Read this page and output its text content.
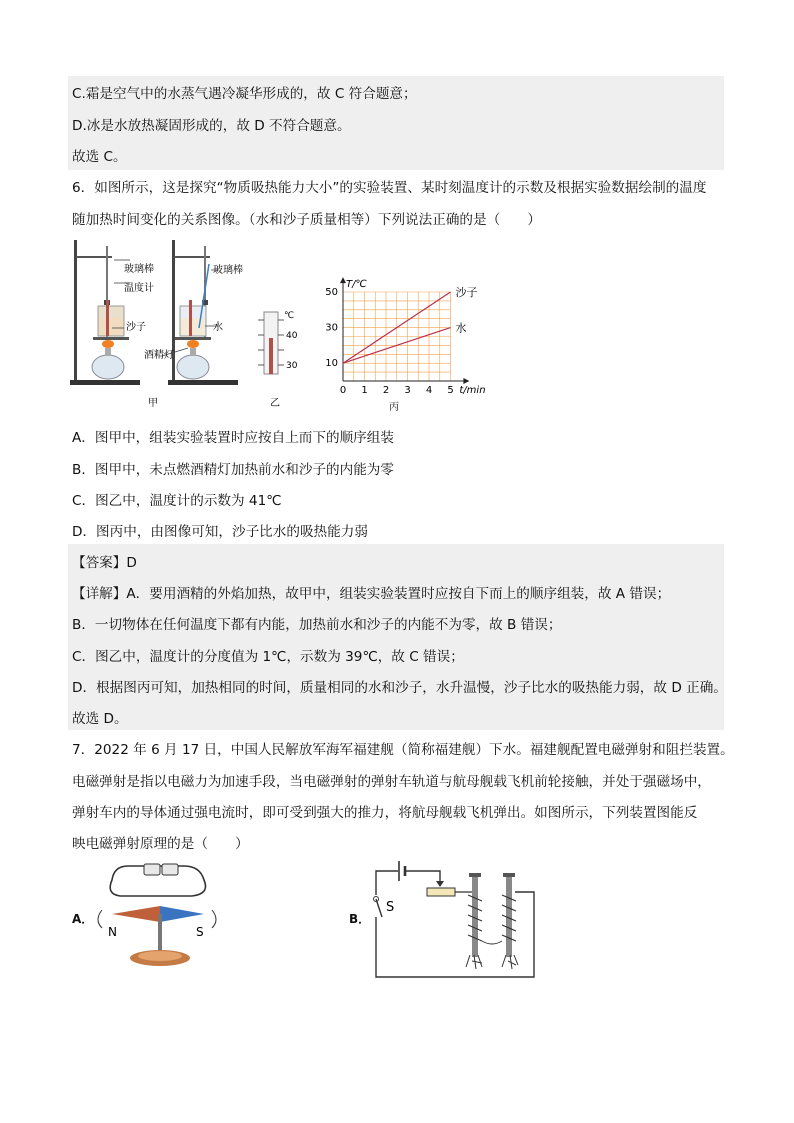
C.霜是空气中的水蒸气遇冷凝华形成的，故 C 符合题意；
D.冰是水放热凝固形成的，故 D 不符合题意。
故选 C。
6．如图所示，这是探究“物质吸热能力大小”的实验装置、某时刻温度计的示数及根据实验数据绘制的温度
随加热时间变化的关系图像。（水和沙子质量相等）下列说法正确的是（　　）
玻璃棒
温度计
沙子
玻璃棒
水
酒精灯
甲
℃
40
30
乙
0 1 2 3 4 5
10
30
50
t/min
T/℃
沙子
水
丙
A．图甲中，组装实验装置时应按自上而下的顺序组装
B．图甲中，未点燃酒精灯加热前水和沙子的内能为零
C．图乙中，温度计的示数为 41℃
D．图丙中，由图像可知，沙子比水的吸热能力弱
【答案】D
【详解】A．要用酒精的外焰加热，故甲中，组装实验装置时应按自下而上的顺序组装，故 A 错误；
B．一切物体在任何温度下都有内能，加热前水和沙子的内能不为零，故 B 错误；
C．图乙中，温度计的分度值为 1℃，示数为 39℃，故 C 错误；
D．根据图丙可知，加热相同的时间，质量相同的水和沙子，水升温慢，沙子比水的吸热能力弱，故 D 正确。
故选 D。
7．2022 年 6 月 17 日，中国人民解放军海军福建舰（简称福建舰）下水。福建舰配置电磁弹射和阻拦装置。
电磁弹射是指以电磁力为加速手段，当电磁弹射的弹射车轨道与航母舰载飞机前轮接触，并处于强磁场中，
弹射车内的导体通过强电流时，即可受到强大的推力，将航母舰载飞机弹出。如图所示，下列装置图能反
映电磁弹射原理的是（　　）
A．
N	S
B．
S
